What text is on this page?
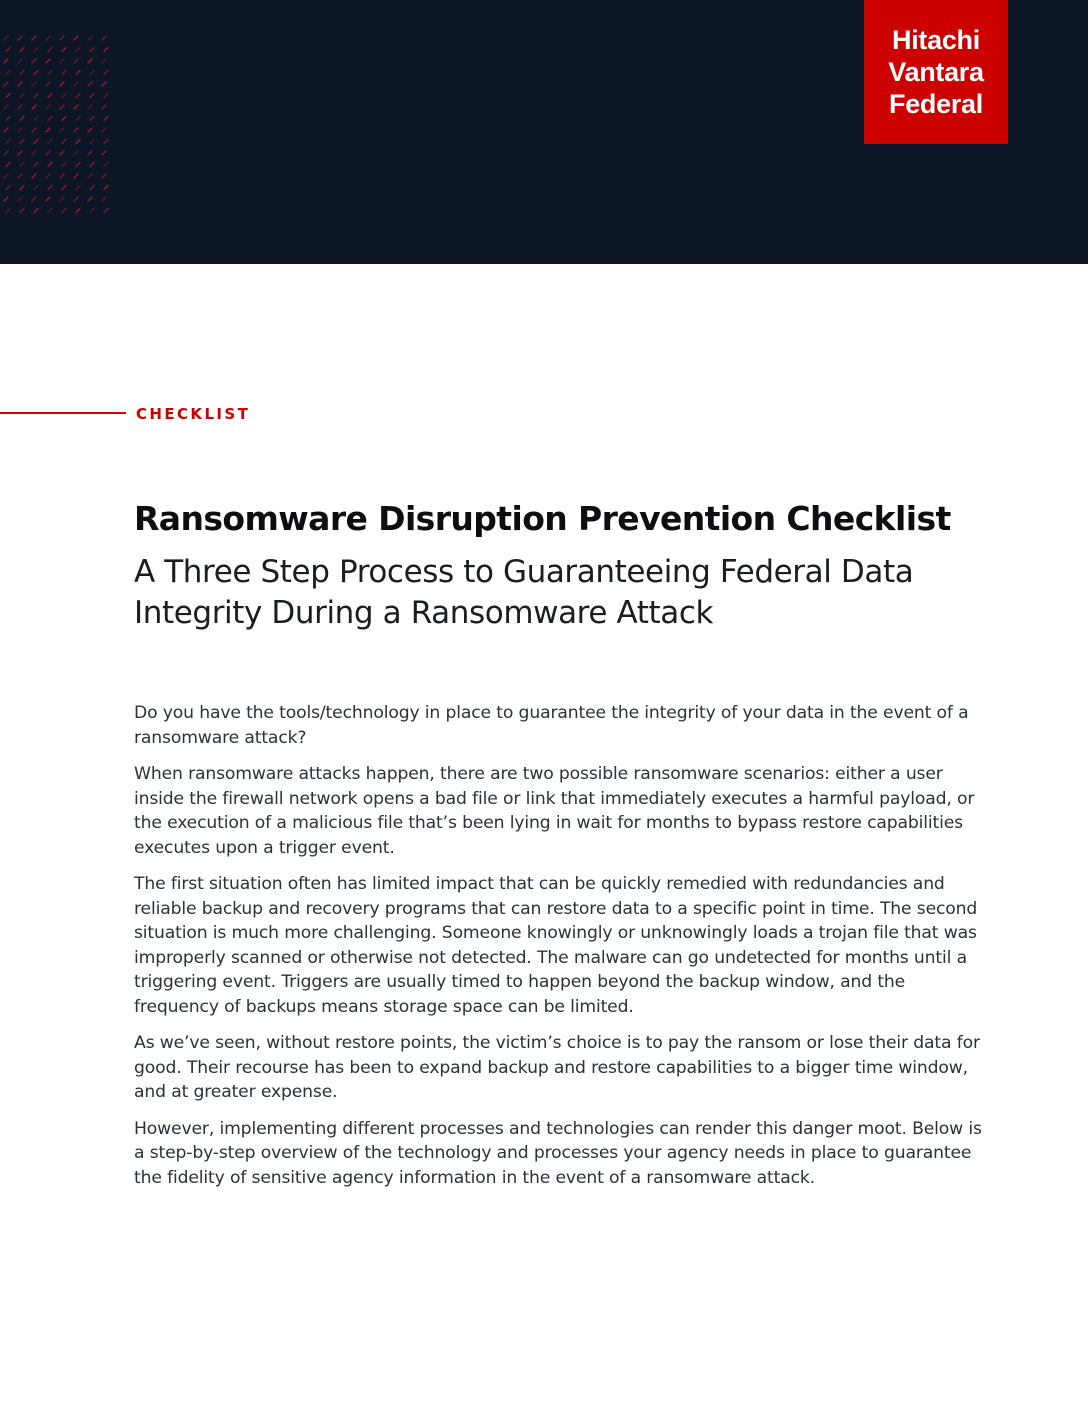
Hitachi
Vantara
Federal
CHECKLIST
Ransomware Disruption Prevention Checklist
A Three Step Process to Guaranteeing Federal Data Integrity During a Ransomware Attack

Do you have the tools/technology in place to guarantee the integrity of your data in the event of a ransomware attack?

When ransomware attacks happen, there are two possible ransomware scenarios: either a user inside the firewall network opens a bad file or link that immediately executes a harmful payload, or the execution of a malicious file that’s been lying in wait for months to bypass restore capabilities executes upon a trigger event.

The first situation often has limited impact that can be quickly remedied with redundancies and reliable backup and recovery programs that can restore data to a specific point in time. The second situation is much more challenging. Someone knowingly or unknowingly loads a trojan file that was improperly scanned or otherwise not detected. The malware can go undetected for months until a triggering event. Triggers are usually timed to happen beyond the backup window, and the frequency of backups means storage space can be limited.

As we’ve seen, without restore points, the victim’s choice is to pay the ransom or lose their data for good. Their recourse has been to expand backup and restore capabilities to a bigger time window, and at greater expense.

However, implementing different processes and technologies can render this danger moot. Below is a step-by-step overview of the technology and processes your agency needs in place to guarantee the fidelity of sensitive agency information in the event of a ransomware attack.
